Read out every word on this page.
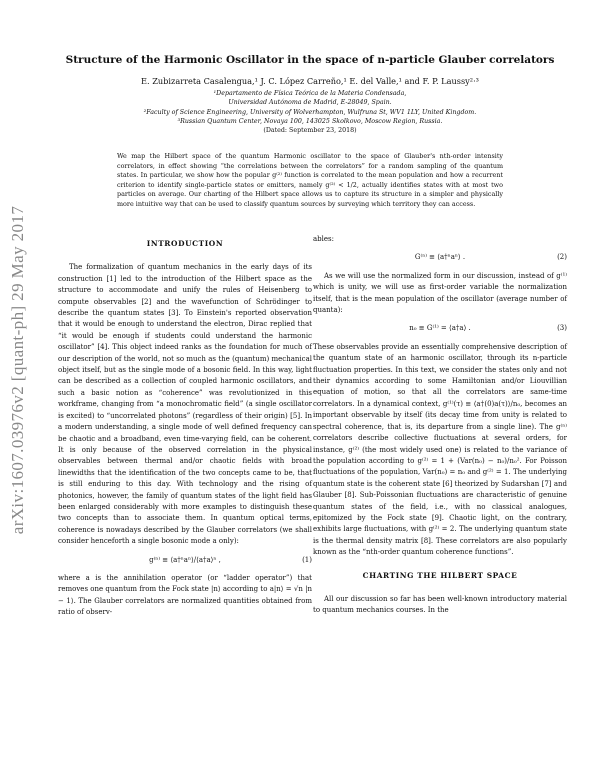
arXiv:1607.03976v2 [quant-ph] 29 May 2017
Structure of the Harmonic Oscillator in the space of n-particle Glauber correlators
E. Zubizarreta Casalengua,¹ J. C. López Carreño,¹ E. del Valle,¹ and F. P. Laussy²·³
¹Departamento de Física Teórica de la Materia Condensada,
Universidad Autónoma de Madrid, E-28049, Spain.
²Faculty of Science Engineering, University of Wolverhampton, Wulfruna St, WV1 1LY, United Kingdom.
³Russian Quantum Center, Novaya 100, 143025 Skolkovo, Moscow Region, Russia.
(Dated: September 23, 2018)
We map the Hilbert space of the quantum Harmonic oscillator to the space of Glauber's nth-order intensity correlators, in effect showing “the correlations between the correlators” for a random sampling of the quantum states. In particular, we show how the popular g⁽²⁾ function is correlated to the mean population and how a recurrent criterion to identify single-particle states or emitters, namely g⁽²⁾ < 1/2, actually identifies states with at most two particles on average. Our charting of the Hilbert space allows us to capture its structure in a simpler and physically more intuitive way that can be used to classify quantum sources by surveying which territory they can access.
INTRODUCTION

The formalization of quantum mechanics in the early days of its construction [1] led to the introduction of the Hilbert space as the structure to accommodate and unify the rules of Heisenberg to compute observables [2] and the wavefunction of Schrödinger to describe the quantum states [3]. To Einstein's reported observation that it would be enough to understand the electron, Dirac replied that “it would be enough if students could understand the harmonic oscillator” [4]. This object indeed ranks as the foundation for much of our description of the world, not so much as the (quantum) mechanical object itself, but as the single mode of a bosonic field. In this way, light can be described as a collection of coupled harmonic oscillators, and such a basic notion as “coherence” was revolutionized in this workframe, changing from “a monochromatic field” (a single oscillator is excited) to “uncorrelated photons” (regardless of their origin) [5]. In a modern understanding, a single mode of well defined frequency can be chaotic and a broadband, even time-varying field, can be coherent. It is only because of the observed correlation in the physical observables between thermal and/or chaotic fields with broad linewidths that the identification of the two concepts came to be, that is still enduring to this day. With technology and the rising of photonics, however, the family of quantum states of the light field has been enlarged considerably with more examples to distinguish these two concepts than to associate them. In quantum optical terms, coherence is nowadays described by the Glauber correlators (we shall consider henceforth a single bosonic mode a only):

g⁽ⁿ⁾ ≡ ⟨a†ⁿaⁿ⟩/⟨a†a⟩ⁿ ,	(1)

where a is the annihilation operator (or “ladder operator”) that removes one quantum from the Fock state |n⟩ according to a|n⟩ = √n |n − 1⟩. The Glauber correlators are normalized quantities obtained from ratio of observ-

ables:

G⁽ⁿ⁾ ≡ ⟨a†ⁿaⁿ⟩ .	(2)

As we will use the normalized form in our discussion, instead of g⁽¹⁾ which is unity, we will use as first-order variable the normalization itself, that is the mean population of the oscillator (average number of quanta):

n₀ ≡ G⁽¹⁾ = ⟨a†a⟩ .	(3)

These observables provide an essentially comprehensive description of the quantum state of an harmonic oscillator, through its n-particle fluctuation properties. In this text, we consider the states only and not their dynamics according to some Hamiltonian and/or Liouvillian equation of motion, so that all the correlators are same-time correlators. In a dynamical context, g⁽¹⁾(τ) ≡ ⟨a†(0)a(τ)⟩/n₀, becomes an important observable by itself (its decay time from unity is related to spectral coherence, that is, its departure from a single line). The g⁽ⁿ⁾ correlators describe collective fluctuations at several orders, for instance, g⁽²⁾ (the most widely used one) is related to the variance of the population according to g⁽²⁾ = 1 + (Var(n₀) − n₀)/n₀². For Poisson fluctuations of the population, Var(n₀) = n₀ and g⁽²⁾ = 1. The underlying quantum state is the coherent state [6] theorized by Sudarshan [7] and Glauber [8]. Sub-Poissonian fluctuations are characteristic of genuine quantum states of the field, i.e., with no classical analogues, epitomized by the Fock state [9]. Chaotic light, on the contrary, exhibits large fluctuations, with g⁽²⁾ = 2. The underlying quantum state is the thermal density matrix [8]. These correlators are also popularly known as the “nth-order quantum coherence functions”.

CHARTING THE HILBERT SPACE

All our discussion so far has been well-known introductory material to quantum mechanics courses. In the
